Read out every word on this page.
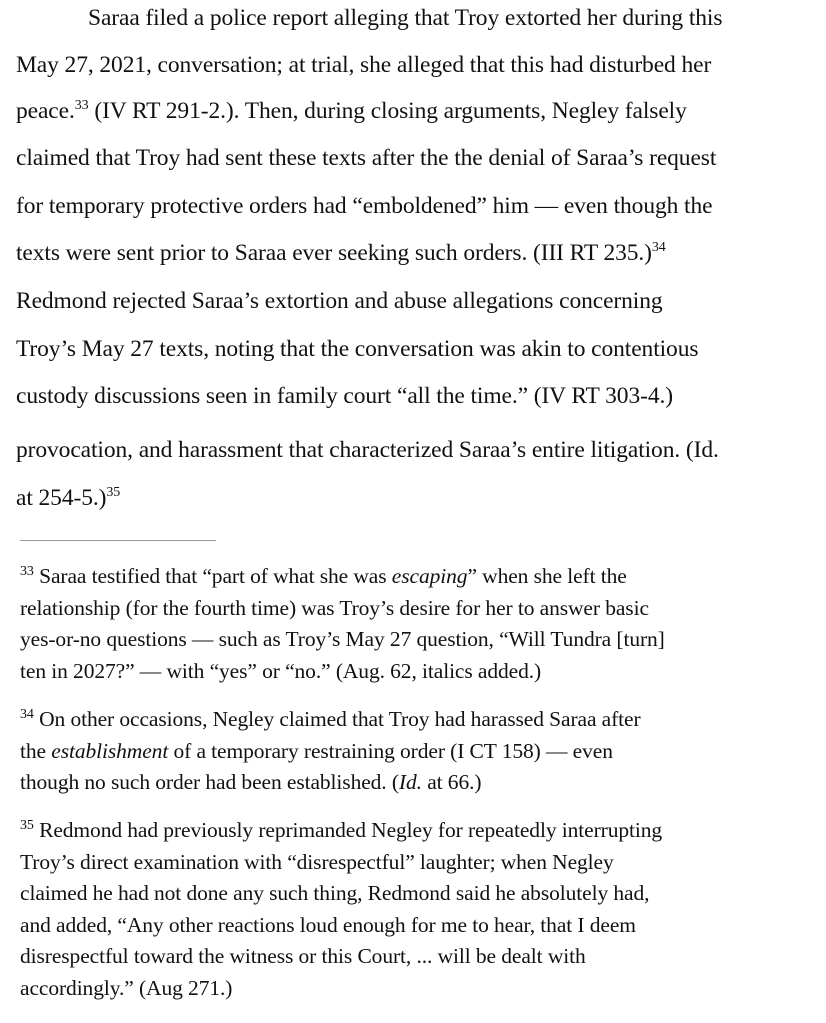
Saraa filed a police report alleging that Troy extorted her during this
May 27, 2021, conversation; at trial, she alleged that this had disturbed her
peace.$^{33}$ (IV RT 291-2.). Then, during closing arguments, Negley falsely
claimed that Troy had sent these texts after the the denial of Saraa’s request
for temporary protective orders had “emboldened” him — even though the
texts were sent prior to Saraa ever seeking such orders. (III RT 235.)$^{34}$
Redmond rejected Saraa’s extortion and abuse allegations concerning
Troy’s May 27 texts, noting that the conversation was akin to contentious
custody discussions seen in family court “all the time.” (IV RT 303-4.)
provocation, and harassment that characterized Saraa’s entire litigation. (Id.
at 254-5.)$^{35}$
$^{33}$ Saraa testified that “part of what she was escaping” when she left the
relationship (for the fourth time) was Troy’s desire for her to answer basic
yes-or-no questions — such as Troy’s May 27 question, “Will Tundra [turn]
ten in 2027?” — with “yes” or “no.” (Aug. 62, italics added.)
$^{34}$ On other occasions, Negley claimed that Troy had harassed Saraa after
the establishment of a temporary restraining order (I CT 158) — even
though no such order had been established. (Id. at 66.)
$^{35}$ Redmond had previously reprimanded Negley for repeatedly interrupting
Troy’s direct examination with “disrespectful” laughter; when Negley
claimed he had not done any such thing, Redmond said he absolutely had,
and added, “Any other reactions loud enough for me to hear, that I deem
disrespectful toward the witness or this Court, ... will be dealt with
accordingly.” (Aug 271.)
